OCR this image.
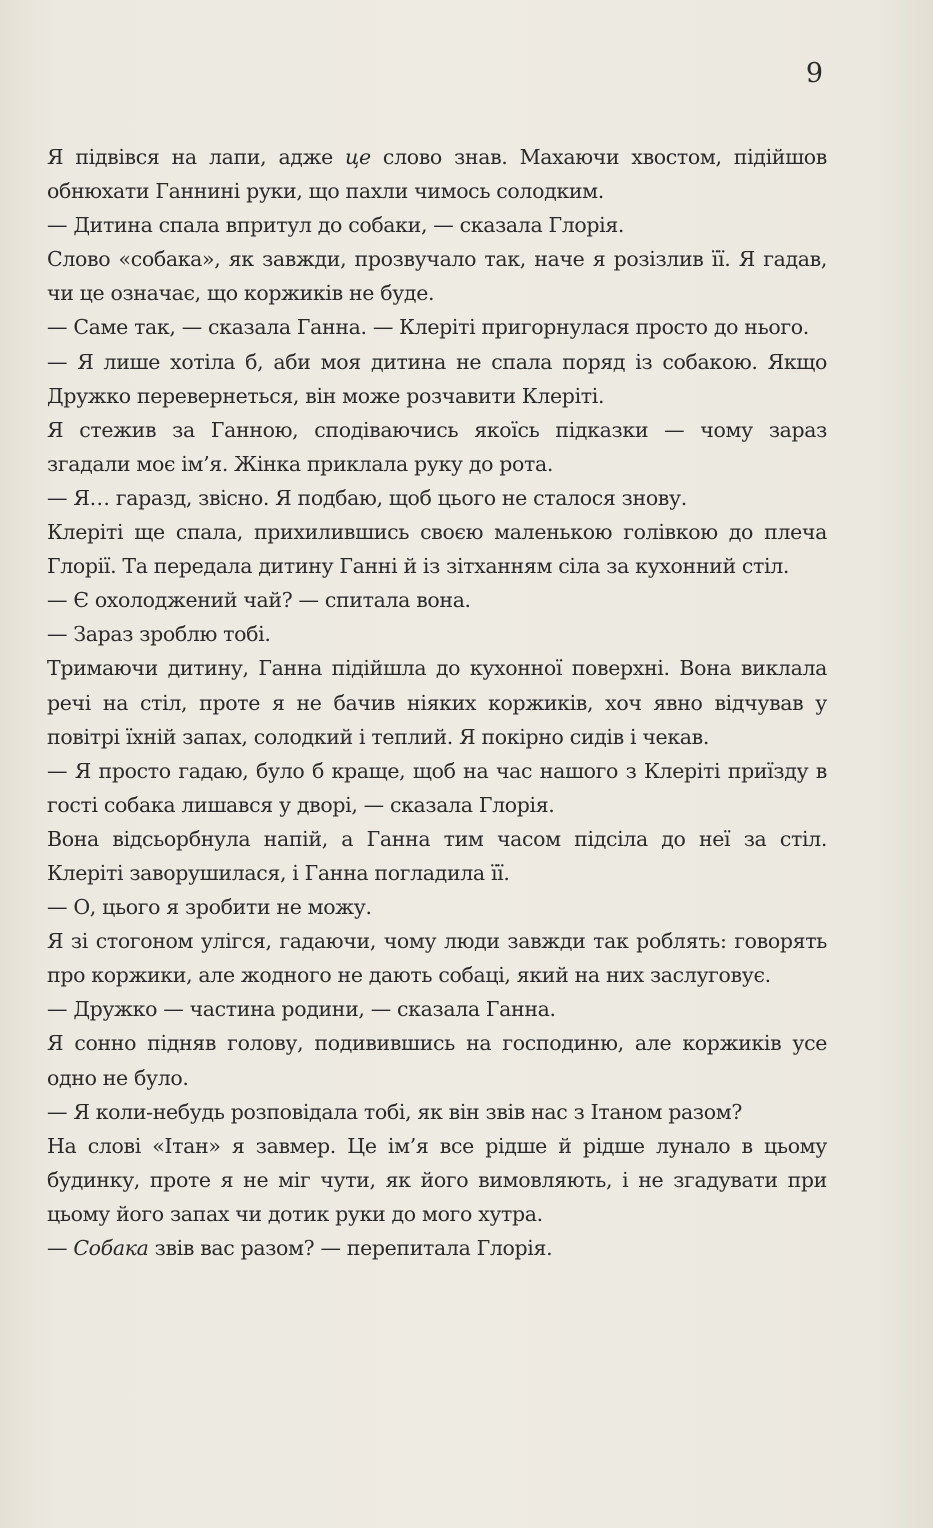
9

Я підвівся на лапи, адже це слово знав. Махаючи хвостом, підійшов обнюхати Ганнині руки, що пахли чимось солодким.

— Дитина спала впритул до собаки, — сказала Глорія.

Слово «собака», як завжди, прозвучало так, наче я розізлив її. Я гадав, чи це означає, що коржиків не буде.

— Саме так, — сказала Ганна. — Клеріті пригорнулася просто до нього.

— Я лише хотіла б, аби моя дитина не спала поряд із собакою. Якщо Дружко перевернеться, він може розчавити Клеріті.

Я стежив за Ганною, сподіваючись якоїсь підказки — чому зараз згадали моє ім’я. Жінка приклала руку до рота.

— Я… гаразд, звісно. Я подбаю, щоб цього не сталося знову.

Клеріті ще спала, прихилившись своєю маленькою голівкою до плеча Глорії. Та передала дитину Ганні й із зітханням сіла за кухонний стіл.

— Є охолоджений чай? — спитала вона.

— Зараз зроблю тобі.

Тримаючи дитину, Ганна підійшла до кухонної поверхні. Вона виклала речі на стіл, проте я не бачив ніяких коржиків, хоч явно відчував у повітрі їхній запах, солодкий і теплий. Я покірно сидів і чекав.

— Я просто гадаю, було б краще, щоб на час нашого з Клеріті приїзду в гості собака лишався у дворі, — сказала Глорія.

Вона відсьорбнула напій, а Ганна тим часом підсіла до неї за стіл. Клеріті заворушилася, і Ганна погладила її.

— О, цього я зробити не можу.

Я зі стогоном улігся, гадаючи, чому люди завжди так роблять: говорять про коржики, але жодного не дають собаці, який на них заслуговує.

— Дружко — частина родини, — сказала Ганна.

Я сонно підняв голову, подивившись на господиню, але коржиків усе одно не було.

— Я коли-небудь розповідала тобі, як він звів нас з Ітаном разом?

На слові «Ітан» я завмер. Це ім’я все рідше й рідше лунало в цьому будинку, проте я не міг чути, як його вимовляють, і не згадувати при цьому його запах чи дотик руки до мого хутра.

— Собака звів вас разом? — перепитала Глорія.
